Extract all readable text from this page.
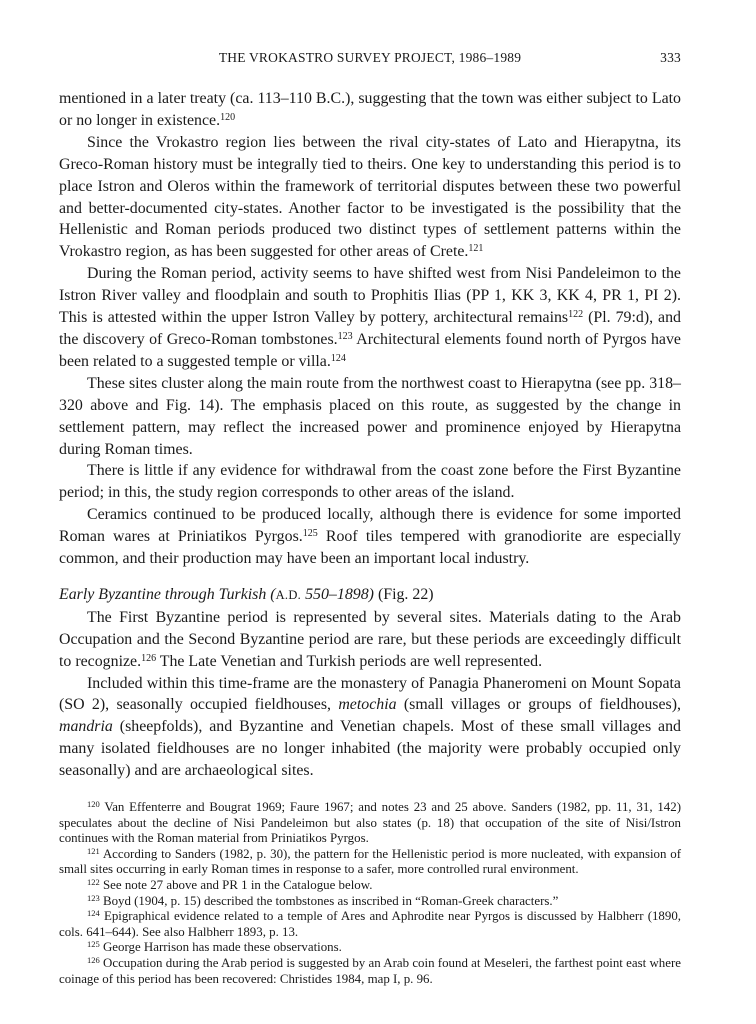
THE VROKASTRO SURVEY PROJECT, 1986–1989	333

mentioned in a later treaty (ca. 113–110 B.C.), suggesting that the town was either subject to Lato or no longer in existence.$^{120}$

Since the Vrokastro region lies between the rival city-states of Lato and Hierapytna, its Greco-Roman history must be integrally tied to theirs. One key to understanding this period is to place Istron and Oleros within the framework of territorial disputes between these two powerful and better-documented city-states. Another factor to be investigated is the possibility that the Hellenistic and Roman periods produced two distinct types of settlement patterns within the Vrokastro region, as has been suggested for other areas of Crete.$^{121}$

During the Roman period, activity seems to have shifted west from Nisi Pandeleimon to the Istron River valley and floodplain and south to Prophitis Ilias (PP 1, KK 3, KK 4, PR 1, PI 2). This is attested within the upper Istron Valley by pottery, architectural remains$^{122}$ (Pl. 79:d), and the discovery of Greco-Roman tombstones.$^{123}$ Architectural elements found north of Pyrgos have been related to a suggested temple or villa.$^{124}$

These sites cluster along the main route from the northwest coast to Hierapytna (see pp. 318–320 above and Fig. 14). The emphasis placed on this route, as suggested by the change in settlement pattern, may reflect the increased power and prominence enjoyed by Hierapytna during Roman times.

There is little if any evidence for withdrawal from the coast zone before the First Byzantine period; in this, the study region corresponds to other areas of the island.

Ceramics continued to be produced locally, although there is evidence for some imported Roman wares at Priniatikos Pyrgos.$^{125}$ Roof tiles tempered with granodiorite are especially common, and their production may have been an important local industry.

Early Byzantine through Turkish (A.D. 550–1898) (Fig. 22)

The First Byzantine period is represented by several sites. Materials dating to the Arab Occupation and the Second Byzantine period are rare, but these periods are exceedingly difficult to recognize.$^{126}$ The Late Venetian and Turkish periods are well represented.

Included within this time-frame are the monastery of Panagia Phaneromeni on Mount Sopata (SO 2), seasonally occupied fieldhouses, metochia (small villages or groups of fieldhouses), mandria (sheepfolds), and Byzantine and Venetian chapels. Most of these small villages and many isolated fieldhouses are no longer inhabited (the majority were probably occupied only seasonally) and are archaeological sites.

$^{120}$ Van Effenterre and Bougrat 1969; Faure 1967; and notes 23 and 25 above. Sanders (1982, pp. 11, 31, 142) speculates about the decline of Nisi Pandeleimon but also states (p. 18) that occupation of the site of Nisi/Istron continues with the Roman material from Priniatikos Pyrgos.

$^{121}$ According to Sanders (1982, p. 30), the pattern for the Hellenistic period is more nucleated, with expansion of small sites occurring in early Roman times in response to a safer, more controlled rural environment.

$^{122}$ See note 27 above and PR 1 in the Catalogue below.

$^{123}$ Boyd (1904, p. 15) described the tombstones as inscribed in “Roman-Greek characters.”

$^{124}$ Epigraphical evidence related to a temple of Ares and Aphrodite near Pyrgos is discussed by Halbherr (1890, cols. 641–644). See also Halbherr 1893, p. 13.

$^{125}$ George Harrison has made these observations.

$^{126}$ Occupation during the Arab period is suggested by an Arab coin found at Meseleri, the farthest point east where coinage of this period has been recovered: Christides 1984, map I, p. 96.
